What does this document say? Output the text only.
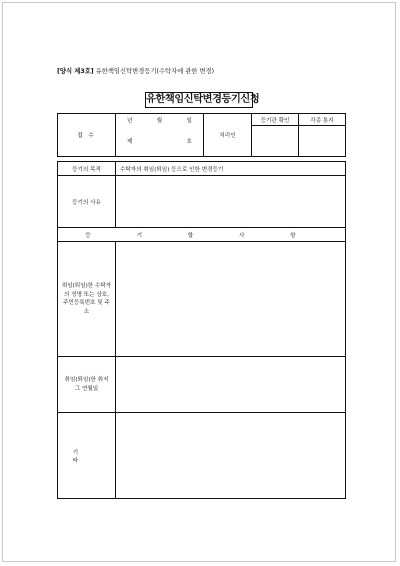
[양식 제3호] 유한책임신탁변경등기(수탁자에 관한 변경)
유한책임신탁변경등기신청
접 수	년	월	일	처리인	등기관 확인	각종 통지
	제		호			
등기의 목적	수탁자의 취임(퇴임) 등으로 인한 변경등기
등기의 사유	
등 기 할 사 항	
취임(퇴임)한 수탁자의 성명 또는 상호, 주민등록번호 및 주소	
취임(퇴임)한 취지 그 연월일	
기 타	
